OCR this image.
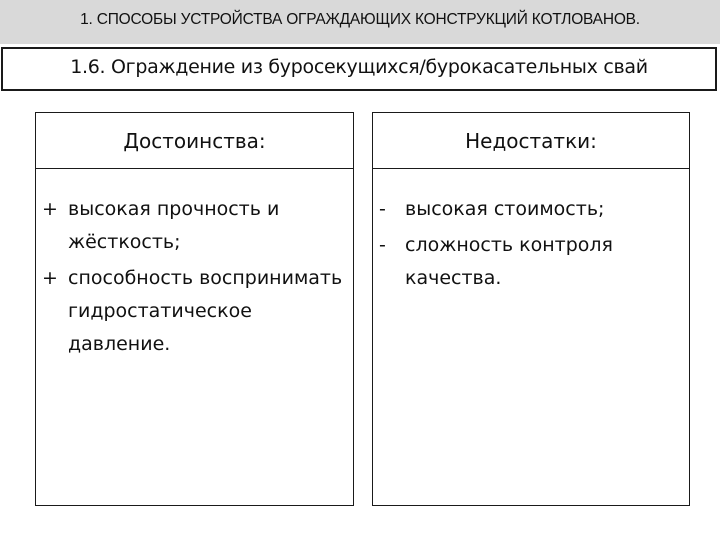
1. СПОСОБЫ УСТРОЙСТВА ОГРАЖДАЮЩИХ КОНСТРУКЦИЙ КОТЛОВАНОВ.
1.6. Ограждение из буросекущихся/бурокасательных свай
Достоинства:
+ высокая прочность и жёсткость;
+ способность воспринимать гидростатическое давление.
Недостатки:
-	высокая стоимость;
-	сложность контроля качества.
